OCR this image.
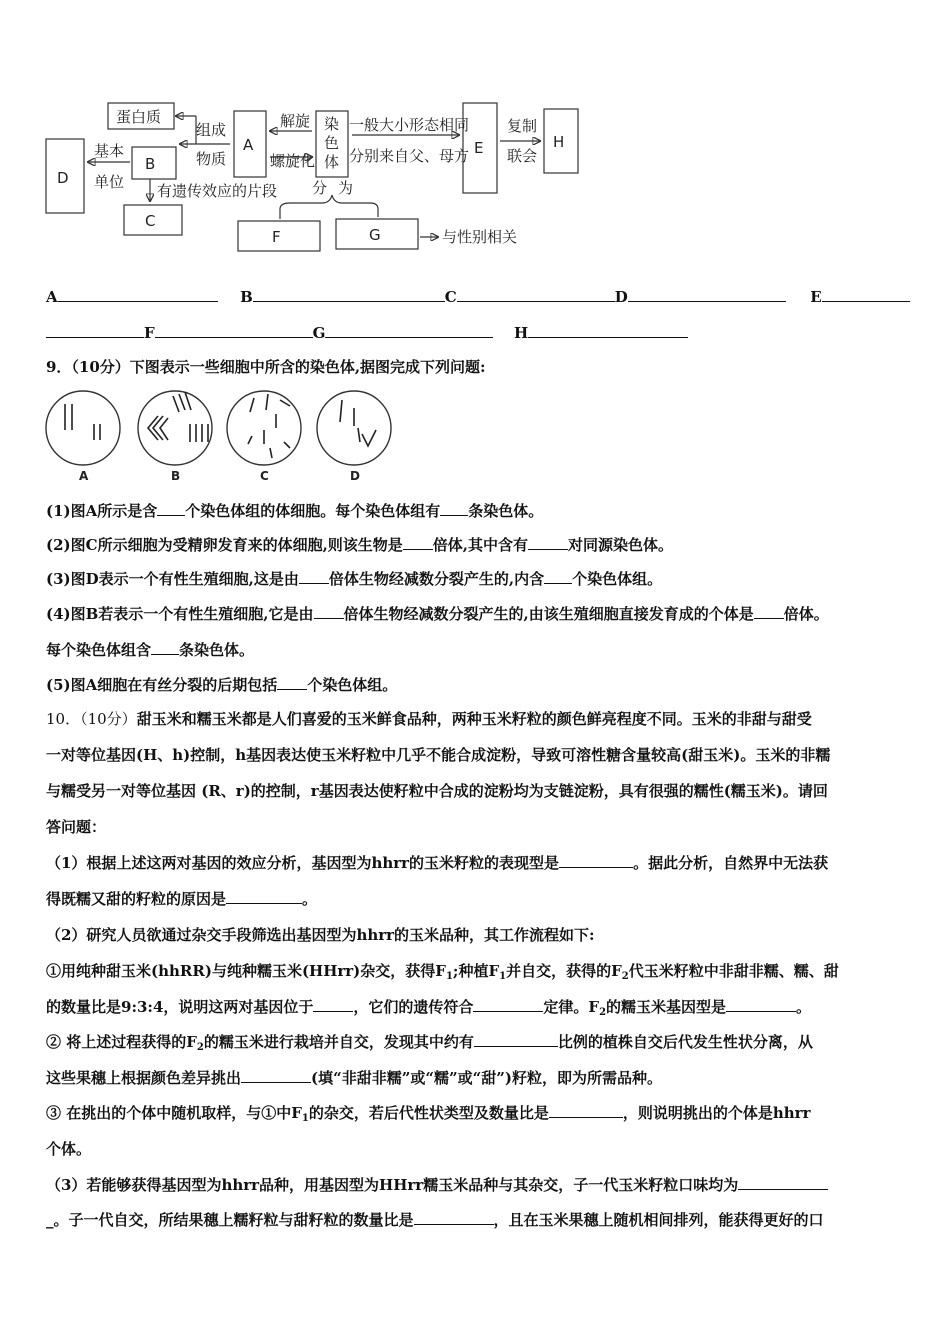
蛋白质
D
B
C
A
染
色
体
E	H
F	G
组成
物质
基本
单位 有遗传效应的片段
解旋
螺旋化
一般大小形态相同
分别来自父、母方
复制
联会
分 为
与性别相关
A	B	C	D	E
F	G	H
9．（10分）下图表示一些细胞中所含的染色体,据图完成下列问题:
A	B	C	D
(1)图A所示是含 个染色体组的体细胞。每个染色体组有 条染色体。
(2)图C所示细胞为受精卵发育来的体细胞,则该生物是 倍体,其中含有	对同源染色体。
(3)图D表示一个有性生殖细胞,这是由 倍体生物经减数分裂产生的,内含 个染色体组。
(4)图B若表示一个有性生殖细胞,它是由 倍体生物经减数分裂产生的,由该生殖细胞直接发育成的个体是 倍体。
每个染色体组含 条染色体。
(5)图A细胞在有丝分裂的后期包括 个染色体组。
10．（10分）甜玉米和糯玉米都是人们喜爱的玉米鲜食品种，两种玉米籽粒的颜色鲜亮程度不同。玉米的非甜与甜受
一对等位基因(H、h)控制，h基因表达使玉米籽粒中几乎不能合成淀粉，导致可溶性糖含量较高(甜玉米)。玉米的非糯
与糯受另一对等位基因 (R、r)的控制，r基因表达使籽粒中合成的淀粉均为支链淀粉，具有很强的糯性(糯玉米)。请回
答问题：
（1）根据上述这两对基因的效应分析，基因型为hhrr的玉米籽粒的表现型是	。据此分析，自然界中无法获
得既糯又甜的籽粒的原因是	。
（2）研究人员欲通过杂交手段筛选出基因型为hhrr的玉米品种，其工作流程如下:
①用纯种甜玉米(hhRR)与纯种糯玉米(HHrr)杂交，获得$F_1$;种植$F_1$并自交，获得的$F_2$代玉米籽粒中非甜非糯、糯、甜
的数量比是9:3:4，说明这两对基因位于	，它们的遗传符合	定律。$F_2$的糯玉米基因型是	。
② 将上述过程获得的$F_2$的糯玉米进行栽培并自交，发现其中约有	比例的植株自交后代发生性状分离，从
这些果穗上根据颜色差异挑出	(填“非甜非糯”或“糯”或“甜”)籽粒，即为所需品种。
③ 在挑出的个体中随机取样，与①中$F_1$的杂交，若后代性状类型及数量比是	，则说明挑出的个体是hhrr
个体。
（3）若能够获得基因型为hhrr品种，用基因型为HHrr糯玉米品种与其杂交，子一代玉米籽粒口味均为
_。子一代自交，所结果穗上糯籽粒与甜籽粒的数量比是	，且在玉米果穗上随机相间排列，能获得更好的口
